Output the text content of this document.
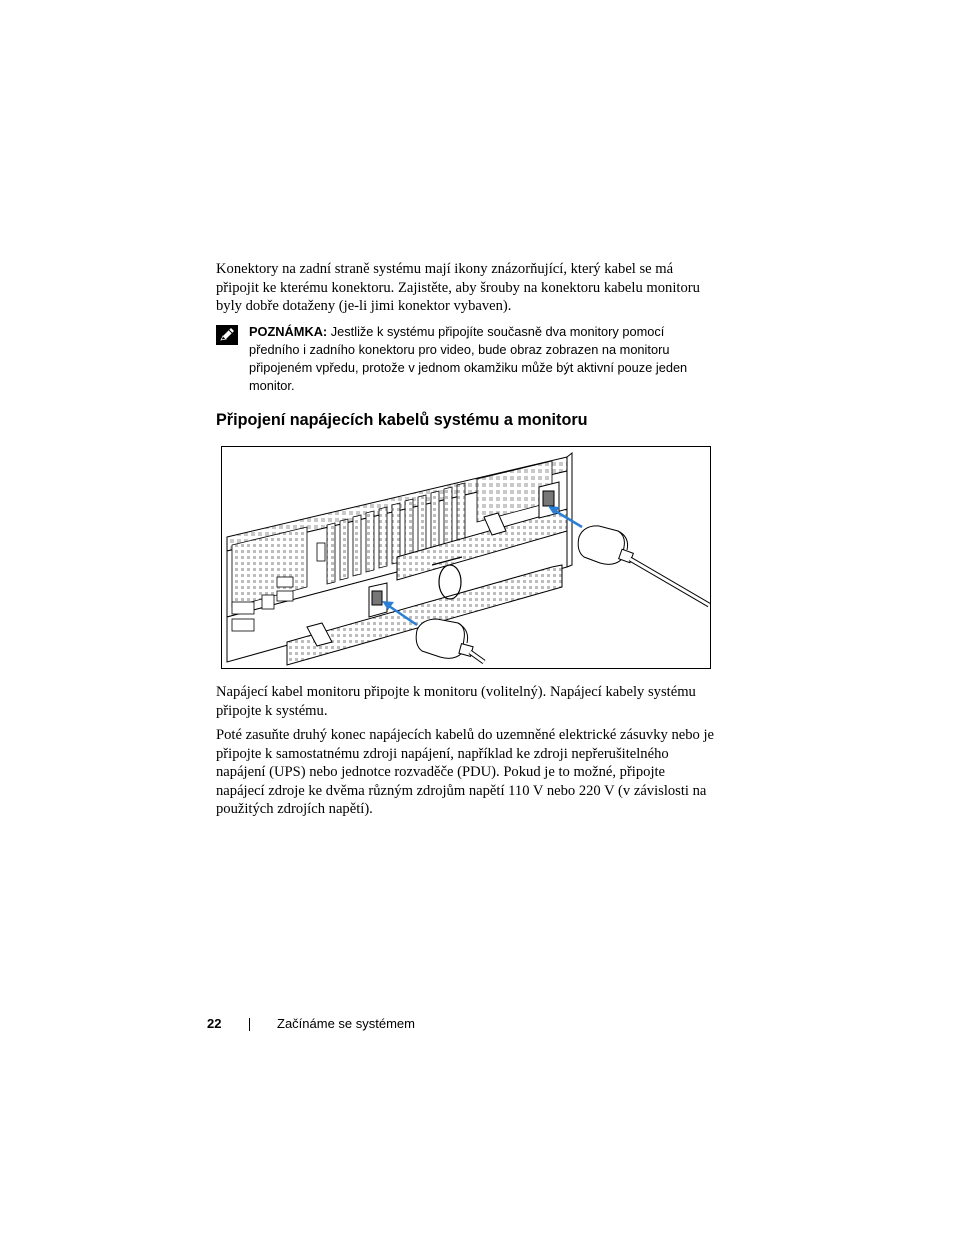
Konektory na zadní straně systému mají ikony znázorňující, který kabel se má připojit ke kterému konektoru. Zajistěte, aby šrouby na konektoru kabelu monitoru byly dobře dotaženy (je-li jimi konektor vybaven).

POZNÁMKA: Jestliže k systému připojíte současně dva monitory pomocí předního i zadního konektoru pro video, bude obraz zobrazen na monitoru připojeném vpředu, protože v jednom okamžiku může být aktivní pouze jeden monitor.

Připojení napájecích kabelů systému a monitoru

Napájecí kabel monitoru připojte k monitoru (volitelný). Napájecí kabely systému připojte k systému.

Poté zasuňte druhý konec napájecích kabelů do uzemněné elektrické zásuvky nebo je připojte k samostatnému zdroji napájení, například ke zdroji nepřerušitelného napájení (UPS) nebo jednotce rozvaděče (PDU). Pokud je to možné, připojte napájecí zdroje ke dvěma různým zdrojům napětí 110 V nebo 220 V (v závislosti na použitých zdrojích napětí).

22	Začínáme se systémem
